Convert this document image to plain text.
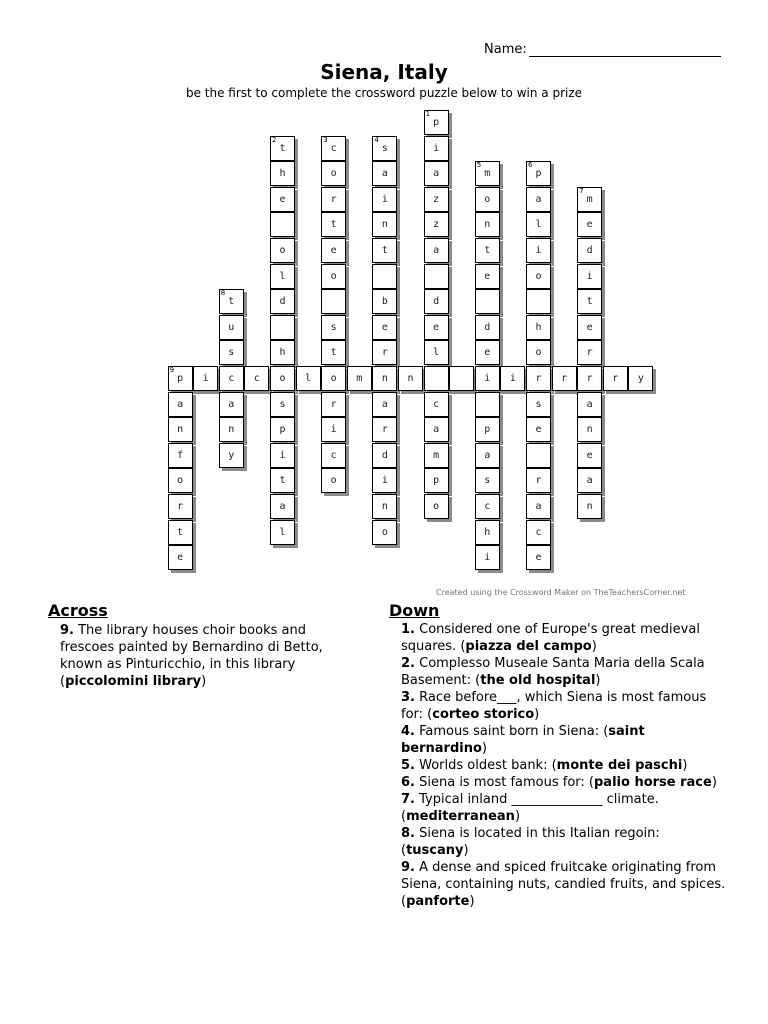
Name:
Siena, Italy
be the first to complete the crossword puzzle below to win a prize
1
p
i
a
z
z
a
d
e
l
c
a
m
p
o
2
t
h
e
o
l
d
h
o
s
p
i
t
a
l
3
c
o
r
t
e
o
s
t
o
r
i
c
o
4
s
a
i
n
t
b
e
r
n
a
r
d
i
n
o
5
m
o
n
t
e
d
e
i
p
a
s
c
h
i
6
p
a
l
i
o
h
o
r
s
e
r
a
c
e
7
m
e
d
i
t
e
r
r
a
n
e
a
n
8
t
u
s
c
a
n
y
9
p
a
n
f
o
r
t
e
i	c	l	m	n	i	r	r	y
Created using the Crossword Maker on TheTeachersCorner.net
Across

9. The library houses choir books and frescoes painted by Bernardino di Betto, known as Pinturicchio, in this library (piccolomini library)

Down

1. Considered one of Europe's great medieval squares. (piazza del campo)

2. Complesso Museale Santa Maria della Scala Basement: (the old hospital)

3. Race before___, which Siena is most famous for: (corteo storico)

4. Famous saint born in Siena: (saint bernardino)

5. Worlds oldest bank: (monte dei paschi)

6. Siena is most famous for: (palio horse race)

7. Typical inland ______________ climate. (mediterranean)

8. Siena is located in this Italian regoin: (tuscany)

9. A dense and spiced fruitcake originating from Siena, containing nuts, candied fruits, and spices. (panforte)
